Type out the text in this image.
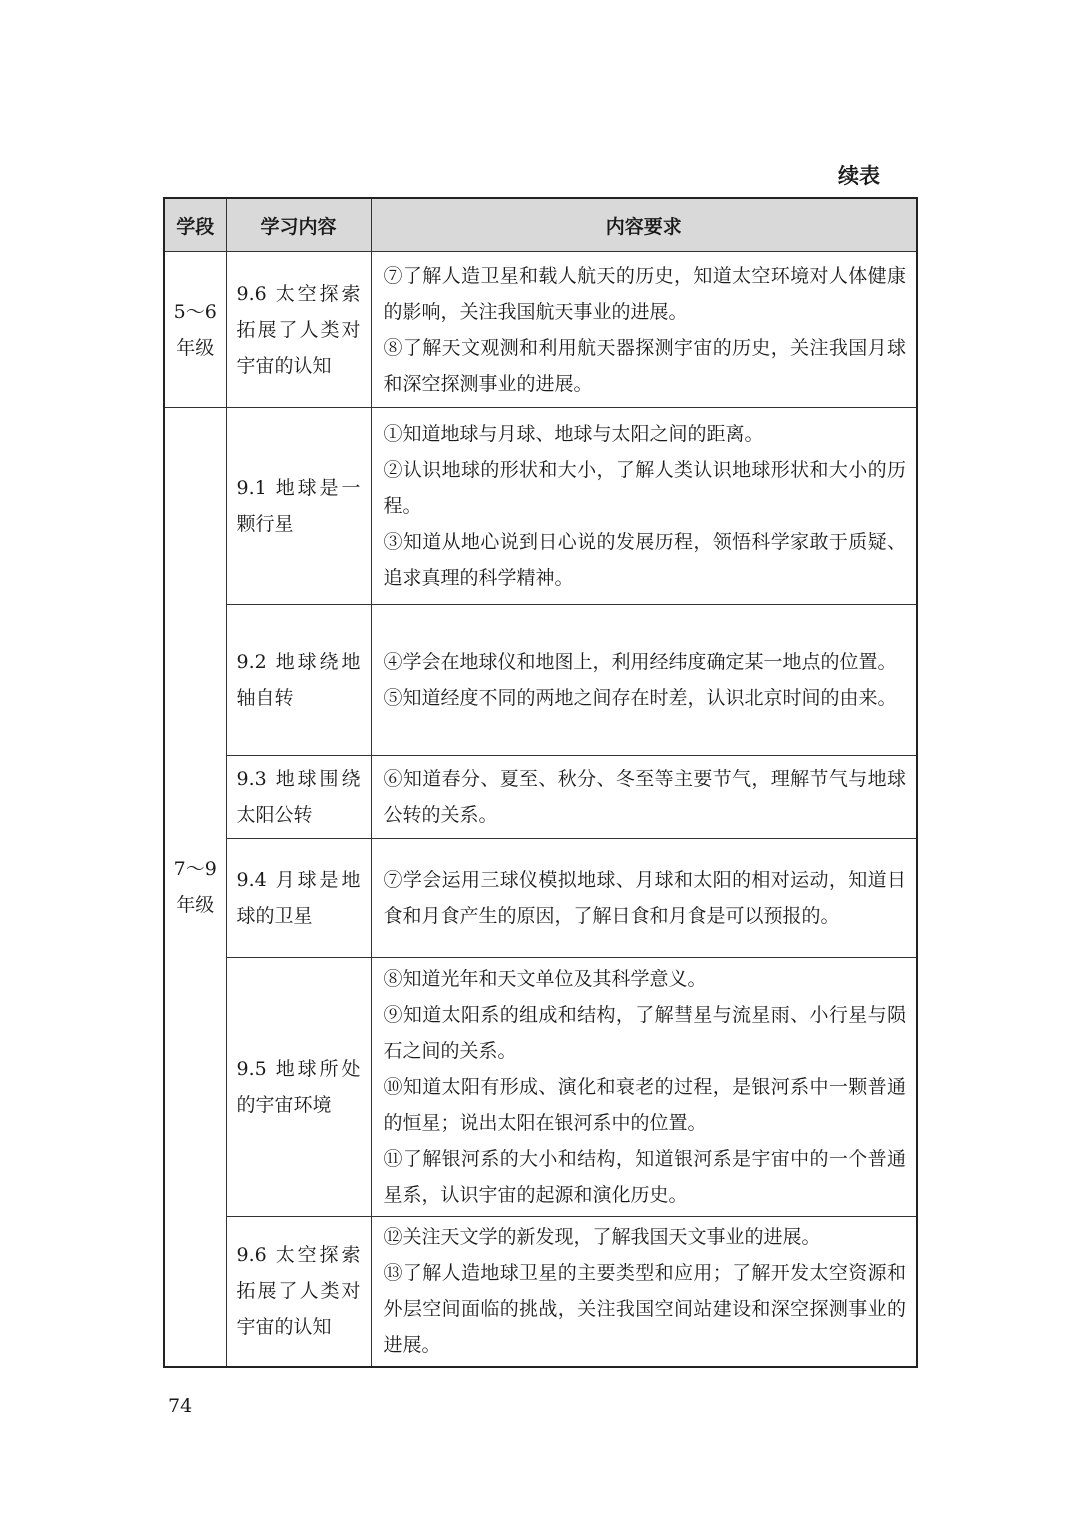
续表
学段	学习内容	内容要求
5～6年级	9.6 太空探索拓展了人类对宇宙的认知	⑦了解人造卫星和载人航天的历史，知道太空环境对人体健康的影响，关注我国航天事业的进展。

⑧了解天文观测和利用航天器探测宇宙的历史，关注我国月球和深空探测事业的进展。

7～9年级	9.1 地球是一颗行星	①知道地球与月球、地球与太阳之间的距离。

②认识地球的形状和大小，了解人类认识地球形状和大小的历程。

③知道从地心说到日心说的发展历程，领悟科学家敢于质疑、追求真理的科学精神。

	9.2 地球绕地轴自转	④学会在地球仪和地图上，利用经纬度确定某一地点的位置。

⑤知道经度不同的两地之间存在时差，认识北京时间的由来。

	9.3 地球围绕太阳公转	⑥知道春分、夏至、秋分、冬至等主要节气，理解节气与地球公转的关系。

	9.4 月球是地球的卫星	⑦学会运用三球仪模拟地球、月球和太阳的相对运动，知道日食和月食产生的原因，了解日食和月食是可以预报的。

	9.5 地球所处的宇宙环境	⑧知道光年和天文单位及其科学意义。

⑨知道太阳系的组成和结构，了解彗星与流星雨、小行星与陨石之间的关系。

⑩知道太阳有形成、演化和衰老的过程，是银河系中一颗普通的恒星；说出太阳在银河系中的位置。

⑪了解银河系的大小和结构，知道银河系是宇宙中的一个普通星系，认识宇宙的起源和演化历史。

	9.6 太空探索拓展了人类对宇宙的认知	⑫关注天文学的新发现，了解我国天文事业的进展。

⑬了解人造地球卫星的主要类型和应用；了解开发太空资源和外层空间面临的挑战，关注我国空间站建设和深空探测事业的进展。

74
